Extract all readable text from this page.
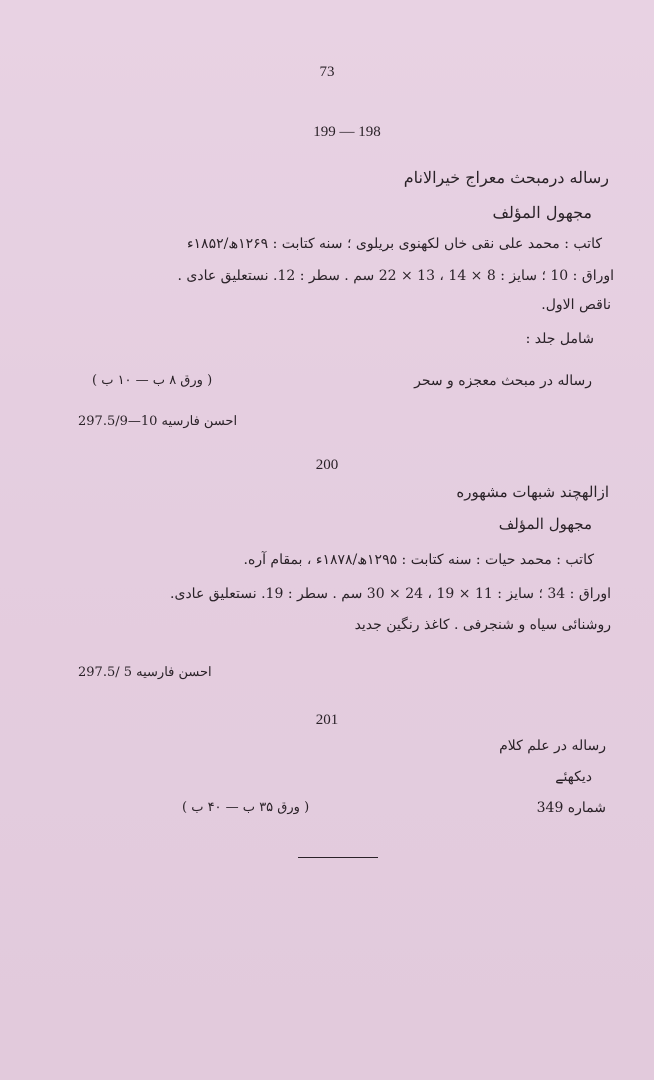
73
199 — 198
رساله درمبحث معراج خیرالانام
مجهول المؤلف
کاتب : محمد علی نقی خاں لکهنوی بریلوی ؛ سنه کتابت : ۱۲۶۹ھ/۱۸۵۲ء
اوراق : 10 ؛ سایز : 8 × 14 ، 13 × 22 سم . سطر : 12. نستعلیق عادی .
ناقص الاول.
شامل جلد :
رساله در مبحث معجزه و سحر
( ورق ۸ ب — ۱۰ ب )
احسن فارسیه 10—297.5/9
200
ازالهچند شبهات مشهوره
مجهول المؤلف
کاتب : محمد حیات : سنه کتابت : ۱۲۹۵ھ/۱۸۷۸ء ، بمقام آره.
اوراق : 34 ؛ سایز : 11 × 19 ، 24 × 30 سم . سطر : 19. نستعلیق عادی.
روشنائی سیاه و شنجرفی . کاغذ رنگین جدید
احسن فارسیه 5 /297.5
201
رساله در علم کلام
دیکهئے
شماره 349
( ورق ۳۵ ب — ۴۰ ب )
